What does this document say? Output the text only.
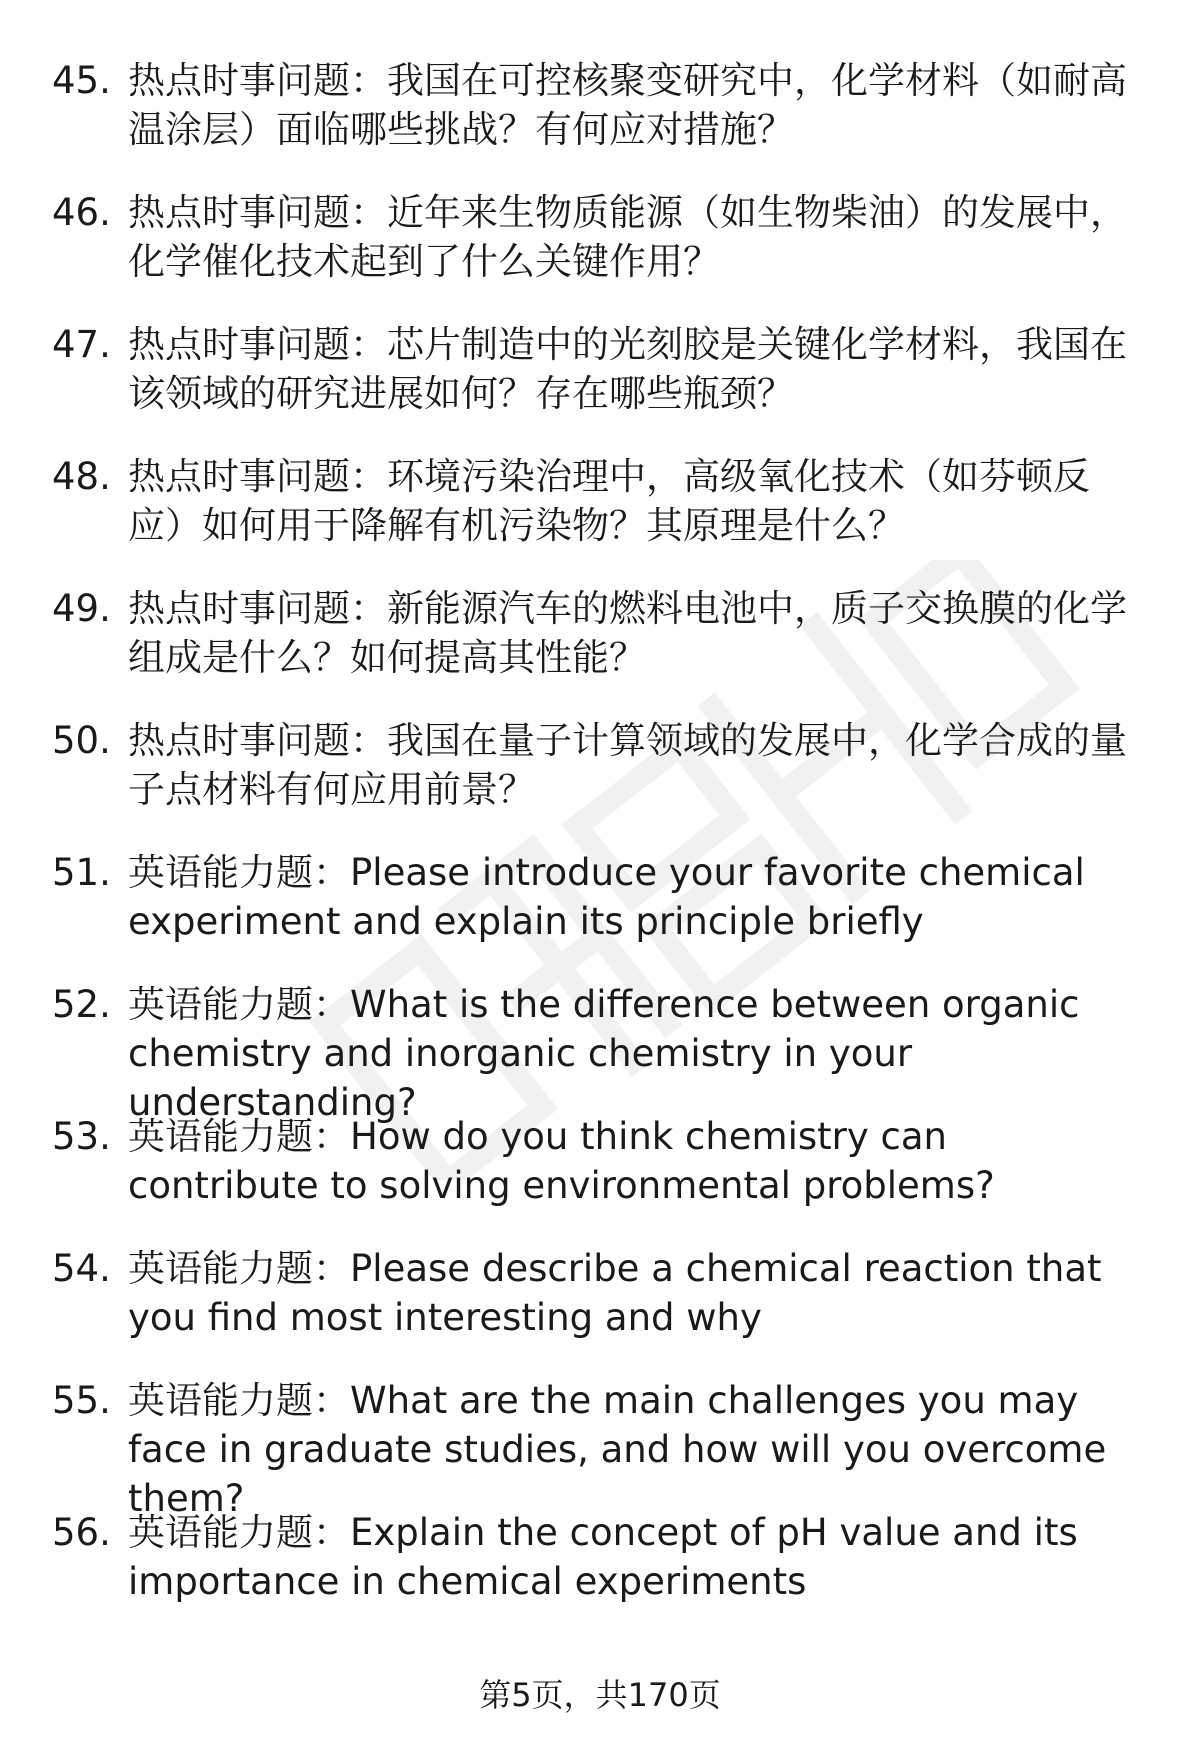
45. 热点时事问题：我国在可控核聚变研究中，化学材料（如耐高温涂层）面临哪些挑战？有何应对措施？
46. 热点时事问题：近年来生物质能源（如生物柴油）的发展中，化学催化技术起到了什么关键作用？
47. 热点时事问题：芯片制造中的光刻胶是关键化学材料，我国在该领域的研究进展如何？存在哪些瓶颈？
48. 热点时事问题：环境污染治理中，高级氧化技术（如芬顿反应）如何用于降解有机污染物？其原理是什么？
49. 热点时事问题：新能源汽车的燃料电池中，质子交换膜的化学组成是什么？如何提高其性能？
50. 热点时事问题：我国在量子计算领域的发展中，化学合成的量子点材料有何应用前景？
51. 英语能力题：Please introduce your favorite chemical experiment and explain its principle briefly
52. 英语能力题：What is the difference between organic chemistry and inorganic chemistry in your understanding?
53. 英语能力题：How do you think chemistry can contribute to solving environmental problems?
54. 英语能力题：Please describe a chemical reaction that you find most interesting and why
55. 英语能力题：What are the main challenges you may face in graduate studies, and how will you overcome them?
56. 英语能力题：Explain the concept of pH value and its importance in chemical experiments
第5页，共170页
